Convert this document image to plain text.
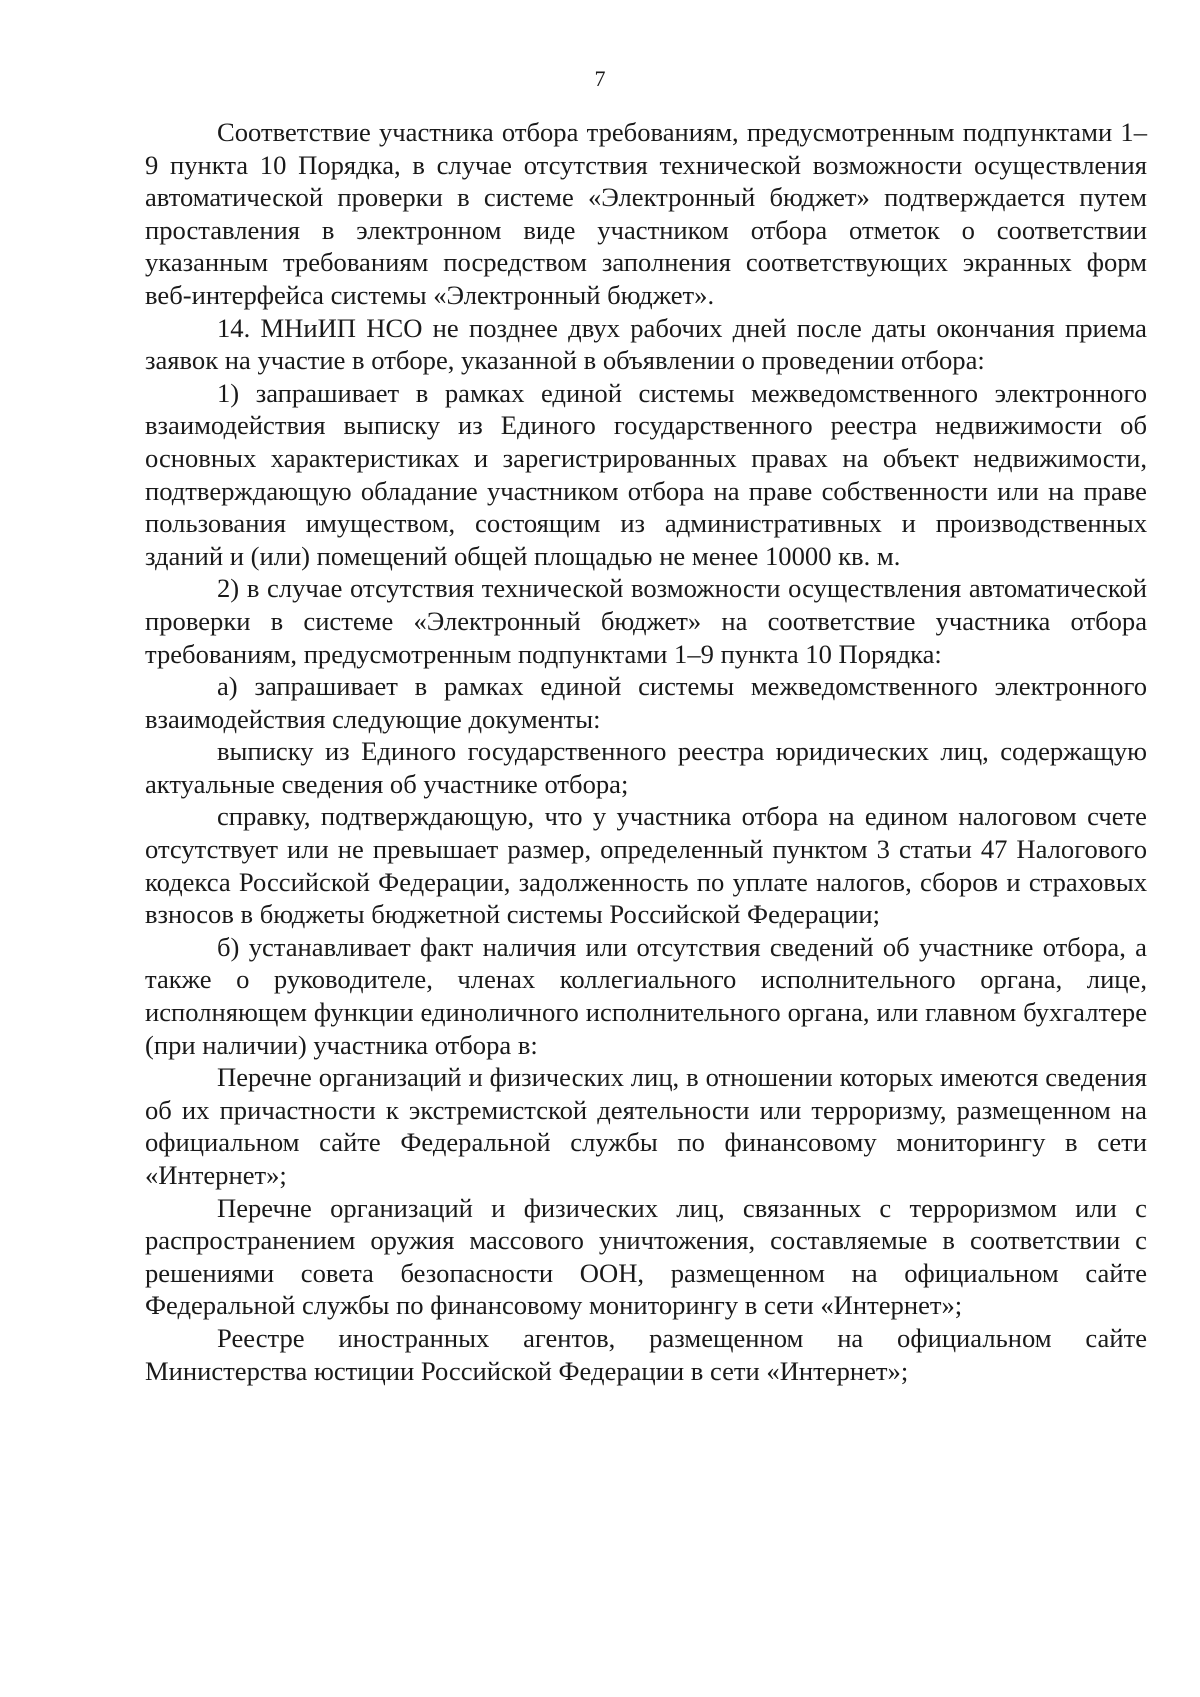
7

Соответствие участника отбора требованиям, предусмотренным подпунктами 1–9 пункта 10 Порядка, в случае отсутствия технической возможности осуществления автоматической проверки в системе «Электронный бюджет» подтверждается путем проставления в электронном виде участником отбора отметок о соответствии указанным требованиям посредством заполнения соответствующих экранных форм веб-интерфейса системы «Электронный бюджет».

14. МНиИП НСО не позднее двух рабочих дней после даты окончания приема заявок на участие в отборе, указанной в объявлении о проведении отбора:

1) запрашивает в рамках единой системы межведомственного электронного взаимодействия выписку из Единого государственного реестра недвижимости об основных характеристиках и зарегистрированных правах на объект недвижимости, подтверждающую обладание участником отбора на праве собственности или на праве пользования имуществом, состоящим из административных и производственных зданий и (или) помещений общей площадью не менее 10000 кв. м.

2) в случае отсутствия технической возможности осуществления автоматической проверки в системе «Электронный бюджет» на соответствие участника отбора требованиям, предусмотренным подпунктами 1–9 пункта 10 Порядка:

а) запрашивает в рамках единой системы межведомственного электронного взаимодействия следующие документы:

выписку из Единого государственного реестра юридических лиц, содержащую актуальные сведения об участнике отбора;

справку, подтверждающую, что у участника отбора на едином налоговом счете отсутствует или не превышает размер, определенный пунктом 3 статьи 47 Налогового кодекса Российской Федерации, задолженность по уплате налогов, сборов и страховых взносов в бюджеты бюджетной системы Российской Федерации;

б) устанавливает факт наличия или отсутствия сведений об участнике отбора, а также о руководителе, членах коллегиального исполнительного органа, лице, исполняющем функции единоличного исполнительного органа, или главном бухгалтере (при наличии) участника отбора в:

Перечне организаций и физических лиц, в отношении которых имеются сведения об их причастности к экстремистской деятельности или терроризму, размещенном на официальном сайте Федеральной службы по финансовому мониторингу в сети «Интернет»;

Перечне организаций и физических лиц, связанных с терроризмом или с распространением оружия массового уничтожения, составляемые в соответствии с решениями совета безопасности ООН, размещенном на официальном сайте Федеральной службы по финансовому мониторингу в сети «Интернет»;

Реестре иностранных агентов, размещенном на официальном сайте Министерства юстиции Российской Федерации в сети «Интернет»;
